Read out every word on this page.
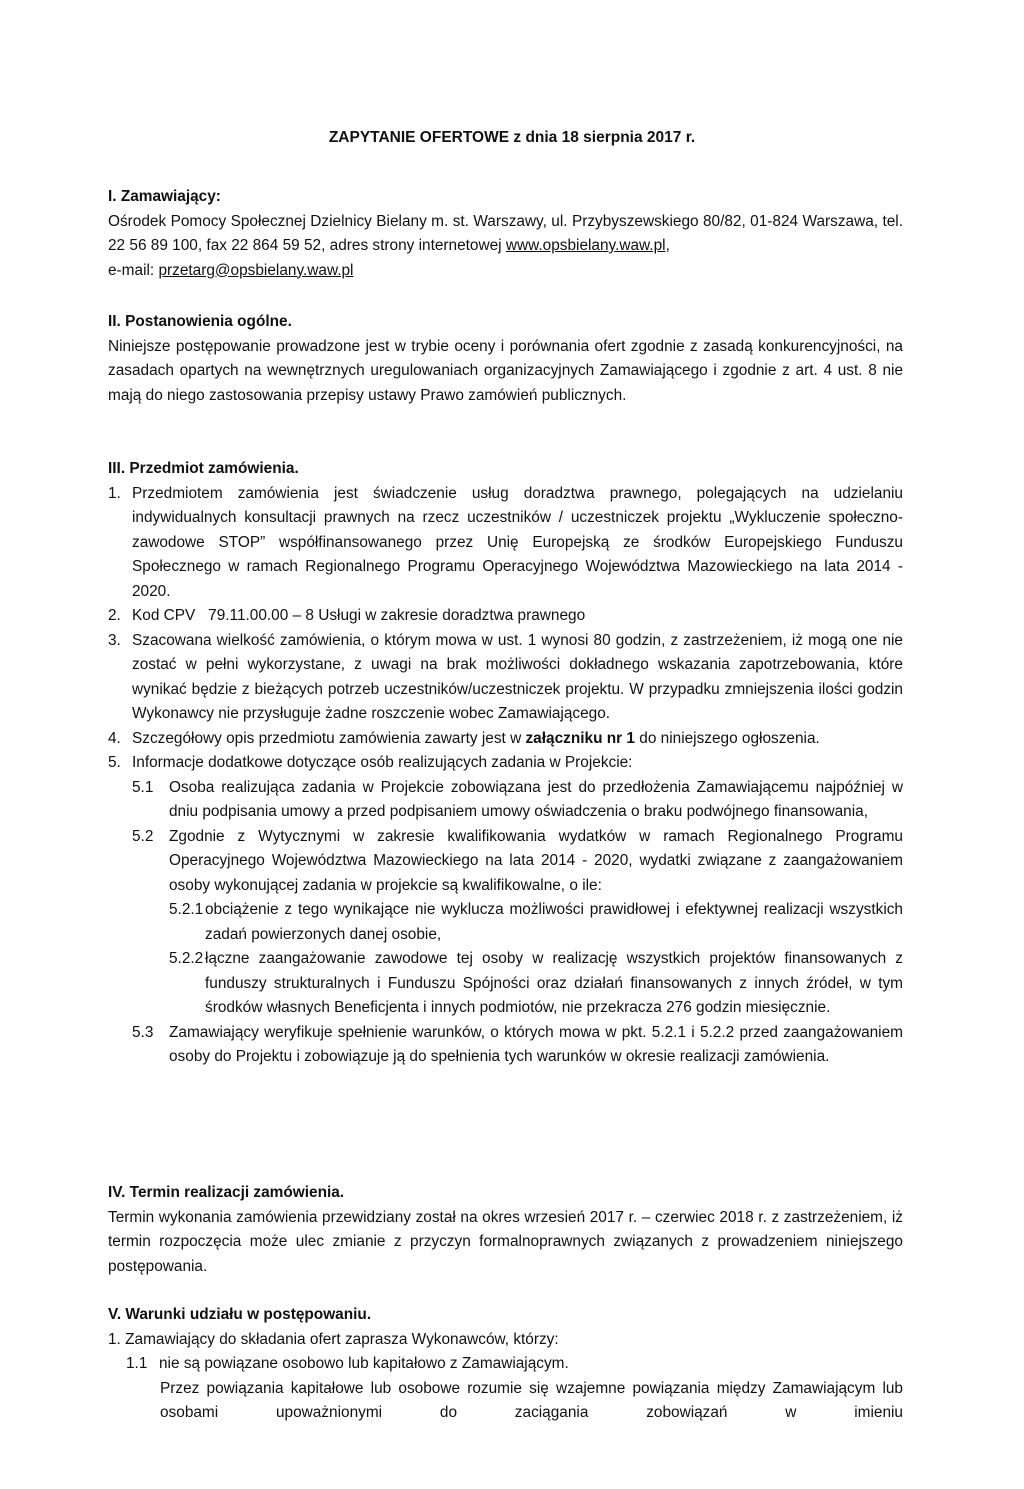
ZAPYTANIE OFERTOWE z dnia 18 sierpnia 2017 r.

I. Zamawiający:

Ośrodek Pomocy Społecznej Dzielnicy Bielany m. st. Warszawy, ul. Przybyszewskiego 80/82, 01-824 Warszawa, tel. 22 56 89 100, fax 22 864 59 52, adres strony internetowej www.opsbielany.waw.pl,

e-mail: przetarg@opsbielany.waw.pl

II. Postanowienia ogólne.

Niniejsze postępowanie prowadzone jest w trybie oceny i porównania ofert zgodnie z zasadą konkurencyjności, na zasadach opartych na wewnętrznych uregulowaniach organizacyjnych Zamawiającego i zgodnie z art. 4 ust. 8 nie mają do niego zastosowania przepisy ustawy Prawo zamówień publicznych.

III. Przedmiot zamówienia.

1. Przedmiotem zamówienia jest świadczenie usług doradztwa prawnego, polegających na udzielaniu indywidualnych konsultacji prawnych na rzecz uczestników / uczestniczek projektu „Wykluczenie społeczno-zawodowe STOP” współfinansowanego przez Unię Europejską ze środków Europejskiego Funduszu Społecznego w ramach Regionalnego Programu Operacyjnego Województwa Mazowieckiego na lata 2014 - 2020.
2. Kod CPV   79.11.00.00 – 8 Usługi w zakresie doradztwa prawnego
3. Szacowana wielkość zamówienia, o którym mowa w ust. 1 wynosi 80 godzin, z zastrzeżeniem, iż mogą one nie zostać w pełni wykorzystane, z uwagi na brak możliwości dokładnego wskazania zapotrzebowania, które wynikać będzie z bieżących potrzeb uczestników/uczestniczek projektu. W przypadku zmniejszenia ilości godzin Wykonawcy nie przysługuje żadne roszczenie wobec Zamawiającego.
4. Szczegółowy opis przedmiotu zamówienia zawarty jest w załączniku nr 1 do niniejszego ogłoszenia.
5. Informacje dodatkowe dotyczące osób realizujących zadania w Projekcie:
5.1	Osoba realizująca zadania w Projekcie zobowiązana jest do przedłożenia Zamawiającemu najpóźniej w dniu podpisania umowy a przed podpisaniem umowy oświadczenia o braku podwójnego finansowania,
5.2	Zgodnie z Wytycznymi w zakresie kwalifikowania wydatków w ramach Regionalnego Programu Operacyjnego Województwa Mazowieckiego na lata 2014 - 2020, wydatki związane z zaangażowaniem osoby wykonującej zadania w projekcie są kwalifikowalne, o ile:
5.2.1 obciążenie z tego wynikające nie wyklucza możliwości prawidłowej i efektywnej realizacji wszystkich zadań powierzonych danej osobie,
5.2.2 łączne zaangażowanie zawodowe tej osoby w realizację wszystkich projektów finansowanych z funduszy strukturalnych i Funduszu Spójności oraz działań finansowanych z innych źródeł, w tym środków własnych Beneficjenta i innych podmiotów, nie przekracza 276 godzin miesięcznie.
5.3	Zamawiający weryfikuje spełnienie warunków, o których mowa w pkt. 5.2.1 i 5.2.2 przed zaangażowaniem osoby do Projektu i zobowiązuje ją do spełnienia tych warunków w okresie realizacji zamówienia.

IV. Termin realizacji zamówienia.

Termin wykonania zamówienia przewidziany został na okres wrzesień 2017 r. – czerwiec 2018 r. z zastrzeżeniem, iż termin rozpoczęcia może ulec zmianie z przyczyn formalnoprawnych związanych z prowadzeniem niniejszego postępowania.

V. Warunki udziału w postępowaniu.

1. Zamawiający do składania ofert zaprasza Wykonawców, którzy:

1.1 nie są powiązane osobowo lub kapitałowo z Zamawiającym.

Przez powiązania kapitałowe lub osobowe rozumie się wzajemne powiązania między Zamawiającym lub osobami upoważnionymi do zaciągania zobowiązań w imieniu
